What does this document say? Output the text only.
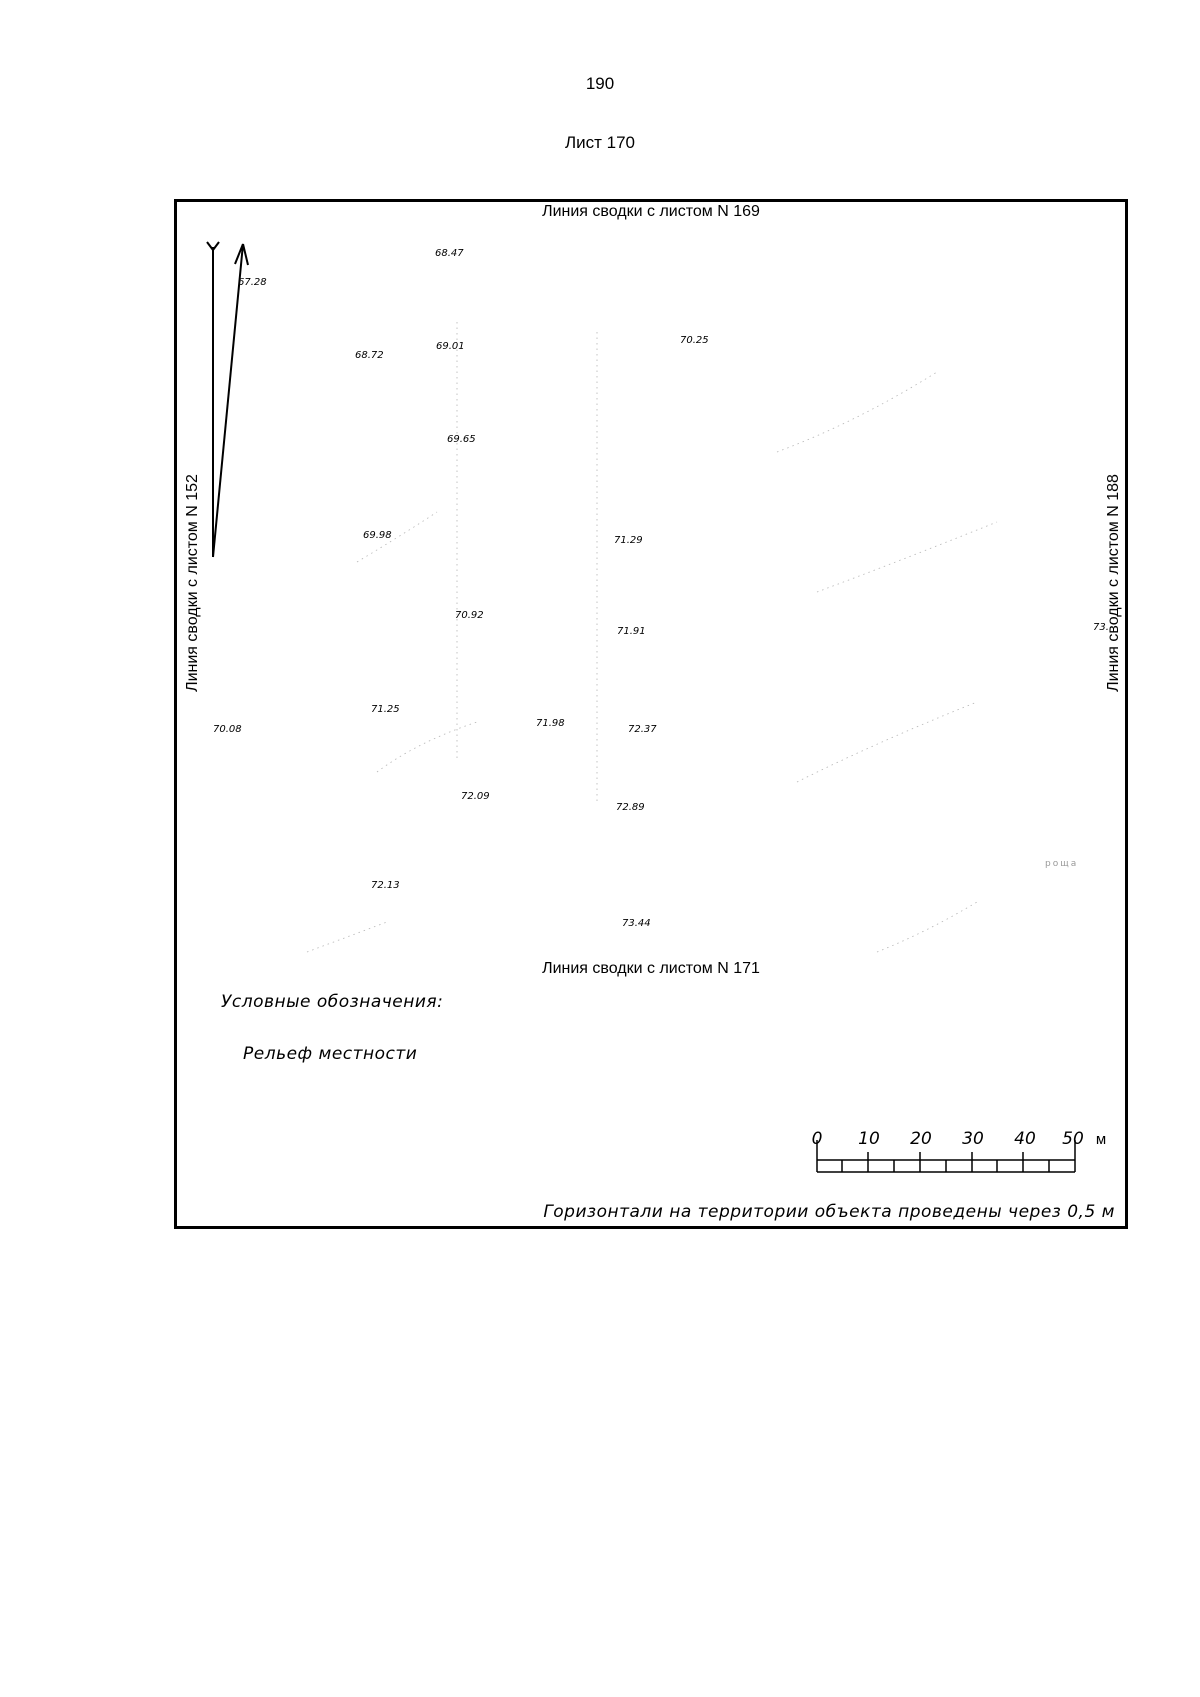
190
Лист 170
0 10 20 30 40 50 м
68.47
67.28
68.72
69.01
70.25
69.65
69.98	71.29
70.92
71.91	73.
71.25
70.08
71.98
72.37
72.09
72.89
72.13
73.44
роща
Линия сводки с листом N 169
Линия сводки с листом N 171
Линия сводки с листом N 152	Линия сводки с листом N 188
Условные обозначения:
Рельеф местности
Горизонтали на территории объекта проведены через 0,5 м
